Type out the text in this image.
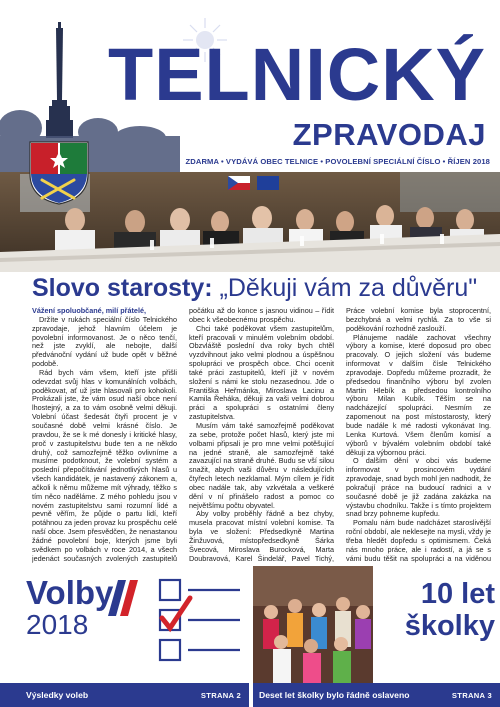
TELNICKÝ
ZPRAVODAJ
ZDARMA • VYDÁVÁ OBEC TELNICE • POVOLEBNÍ SPECIÁLNÍ ČÍSLO • ŘÍJEN 2018
Slovo starosty: „Děkuji vám za důvěru"

Vážení spoluobčané, milí přátelé,

Držíte v rukách speciální číslo Telnického zpravodaje, jehož hlavním účelem je povolební informovanost. Je o něco tenčí, než jste zvyklí, ale nebojte, další předvánoční vydání už bude opět v běžné podobě.

Rád bych vám všem, kteří jste přišli odevzdat svůj hlas v komunálních volbách, poděkovat, ať už jste hlasovali pro kohokoli. Prokázali jste, že vám osud naší obce není lhostejný, a za to vám osobně velmi děkuji. Volební účast šedesát čtyři procent je v současné době velmi krásné číslo. Je pravdou, že se k mé donesly i kritické hlasy, proč v zastupitelstvu bude ten a ne někdo druhý, což samozřejmě těžko ovlivníme a musíme podotknout, že volební systém a poslední přepočítávání jednotlivých hlasů u všech kandidátek, je nastavený zákonem a, ačkoli k němu můžeme mít výhrady, těžko s tím něco naděláme. Z mého pohledu jsou v novém zastupitelstvu sami rozumní lidé a pevně věřím, že půjde o partu lidí, kteří potáhnou za jeden provaz ku prospěchu celé naší obce. Jsem přesvědčen, že nenastanou žádné povolební boje, kterých jsme byli svědkem po volbách v roce 2014, a všech jedenáct současných zvolených zastupitelů

počátku až do konce s jasnou vidinou – řídit obec k všeobecnému prospěchu.

Chci také poděkovat všem zastupitelům, kteří pracovali v minulém volebním období. Obzvláště poslední dva roky bych chtěl vyzdvihnout jako velmi plodnou a úspěšnou spolupráci ve prospěch obce. Chci ocenit také práci zastupitelů, kteří již v novém složení s námi ke stolu nezasednou. Jde o Františka Heřmánka, Miroslava Lacinu a Kamila Řeháka, děkuji za vaši velmi dobrou práci a spolupráci s ostatními členy zastupitelstva.

Musím vám také samozřejmě poděkovat za sebe, protože počet hlasů, který jste mi volbami připsali je pro mne velmi potěšující na jedné straně, ale samozřejmě také zavazující na straně druhé. Budu se vší silou snažit, abych vaši důvěru v následujících čtyřech letech nezklamal. Mým cílem je řídit obec nadále tak, aby vzkvétala a veškeré dění v ní přinášelo radost a pomoc co největšímu počtu obyvatel.

Aby volby proběhly řádně a bez chyby, musela pracovat místní volební komise. Ta byla ve složení: Předsedkyně Martina Žinžuvová, místopředsedkyně Šárka Švecová, Miroslava Burocková, Marta Doubravová, Karel Šindelář, Pavel Tichý,

Práce volební komise byla stoprocentní, bezchybná a velmi rychlá. Za to vše si poděkování rozhodně zaslouží.

Plánujeme nadále zachovat všechny výbory a komise, které doposud pro obec pracovaly. O jejich složení vás budeme informovat v dalším čísle Telnického zpravodaje. Dopředu můžeme prozradit, že předsedou finančního výboru byl zvolen Martin Hlebík a předsedou kontrolního výboru Milan Kubík. Těším se na nadcházející spolupráci. Nesmím ze zapomenout na post místostarosty, který bude nadále k mé radosti vykonávat Ing. Lenka Kurtová. Všem členům komisí a výborů v bývalém volebním období také děkuji za výbornou práci.

O dalším dění v obci vás budeme informovat v prosincovém vydání zpravodaje, snad bych mohl jen nadhodit, že pokračují práce na budoucí radnici a v současné době je již zadána zakázka na výstavbu chodníku. Takže i s tímto projektem snad brzy pohneme kupředu.

Pomalu nám bude nadcházet staroslivější roční období, ale neklesejte na mysli, vždy je třeba hledět dopředu s optimismem. Čeká nás mnoho práce, ale i radostí, a já se s vámi budu těšit na spolupráci a na viděnou

Volby
2018
Výsledky voleb	STRANA 2
10 let
školky
Deset let školky bylo řádně oslaveno	STRANA 3
